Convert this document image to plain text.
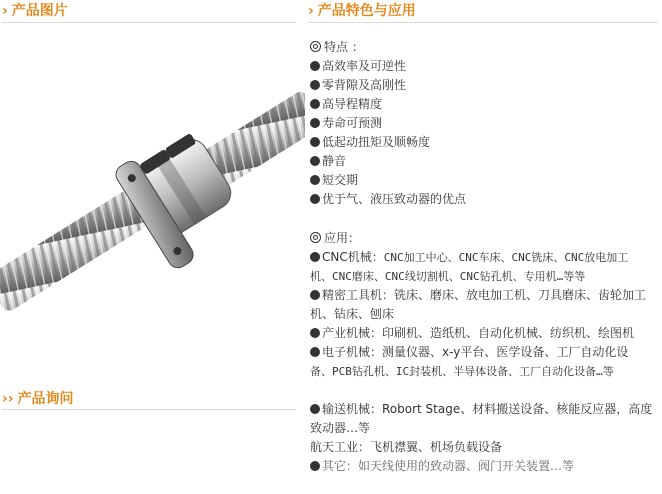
› 产品图片
›› 产品询问
› 产品特色与应用
特点 ：
高效率及可逆性
零背隙及高刚性
高导程精度
寿命可预测
低起动扭矩及顺畅度
静音
短交期
优于气、液压致动器的优点
应用：
CNC机械：CNC加工中心、CNC车床、CNC铣床、CNC放电加工
机、CNC磨床、CNC线切割机、CNC钻孔机、专用机…等等
精密工具机：铣床、磨床、放电加工机、刀具磨床、齿轮加工
机、钻床、刨床
产业机械：印刷机、造纸机、自动化机械、纺织机、绘图机
电子机械：测量仪器、x-y平台、医学设备、工厂自动化设
备、PCB钻孔机、IC封装机、半导体设备、工厂自动化设备…等
输送机械：Robort Stage、材料搬送设备、核能反应器，高度
致动器…等
航天工业：飞机襟翼、机场负载设备
其它：如天线使用的致动器、阀门开关装置…等
